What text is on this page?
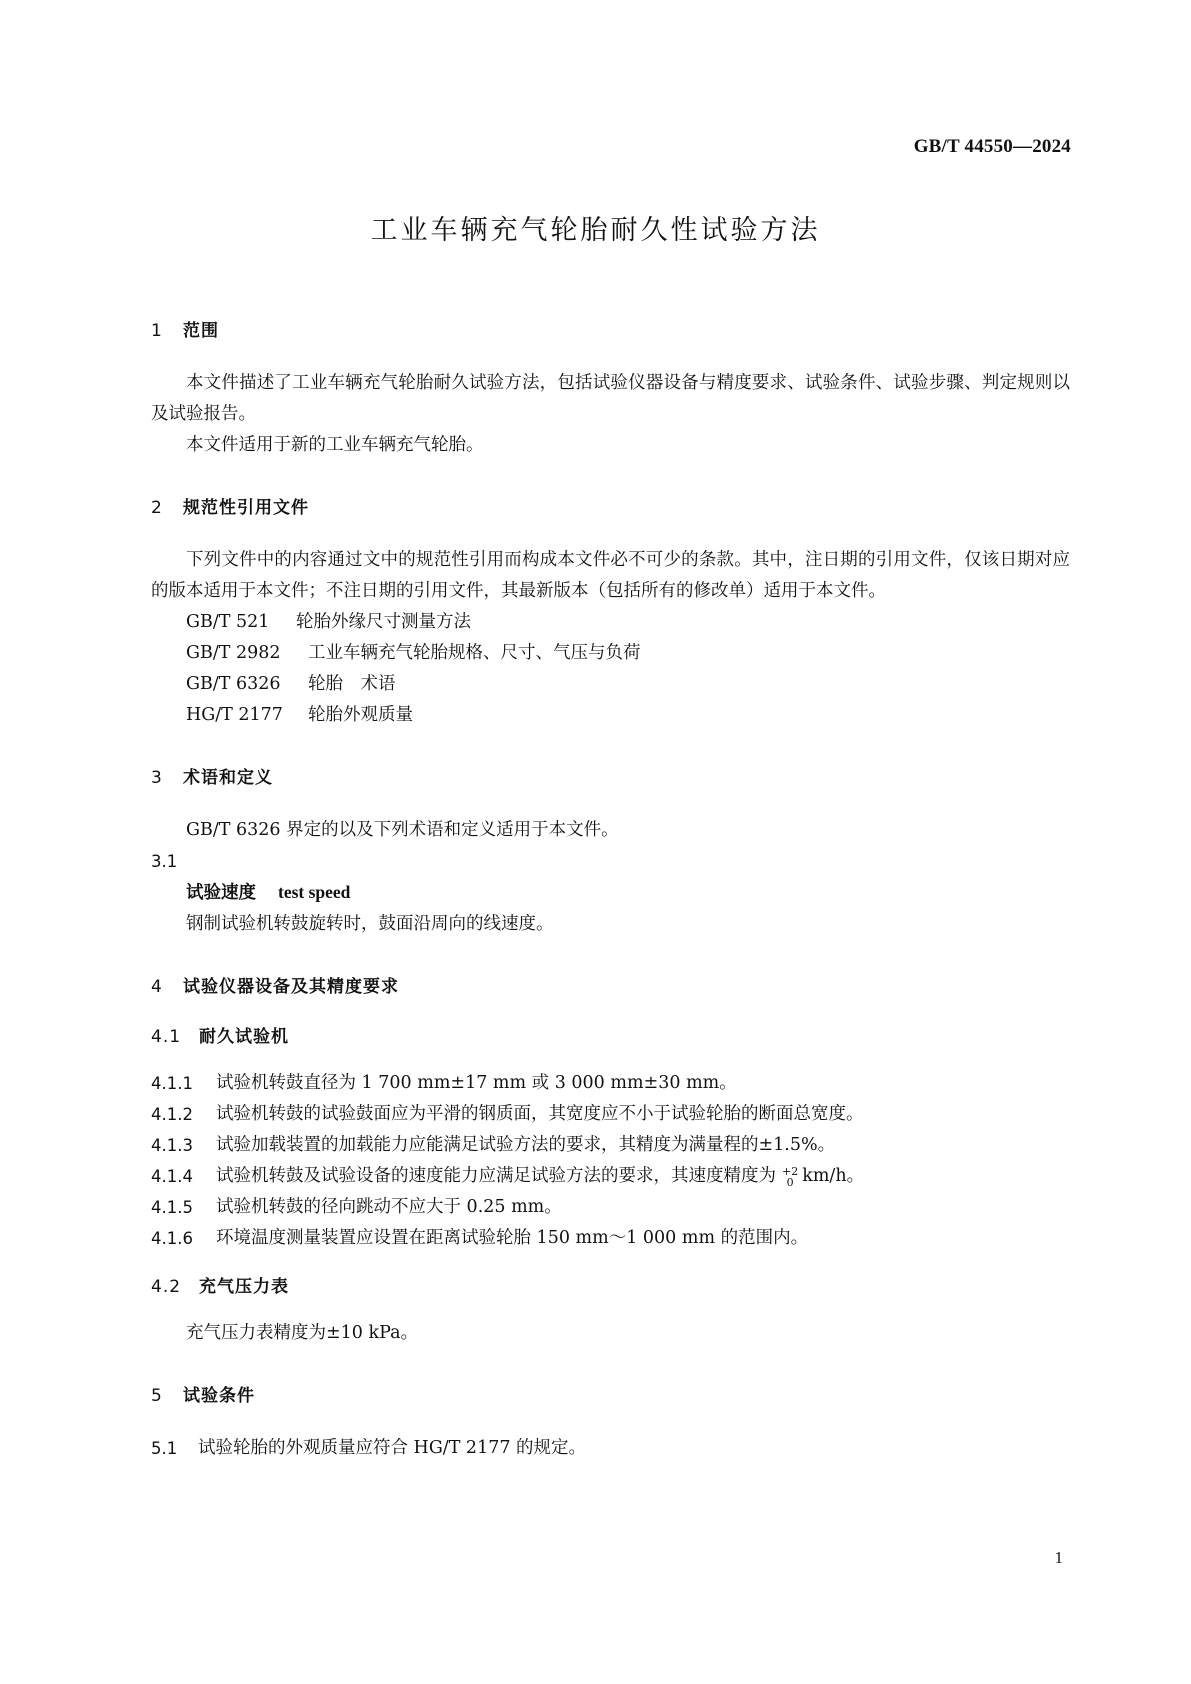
GB/T 44550—2024
工业车辆充气轮胎耐久性试验方法
1 范围

本文件描述了工业车辆充气轮胎耐久试验方法，包括试验仪器设备与精度要求、试验条件、试验步骤、判定规则以及试验报告。

本文件适用于新的工业车辆充气轮胎。

2 规范性引用文件

下列文件中的内容通过文中的规范性引用而构成本文件必不可少的条款。其中，注日期的引用文件，仅该日期对应的版本适用于本文件；不注日期的引用文件，其最新版本（包括所有的修改单）适用于本文件。

GB/T 521 轮胎外缘尺寸测量方法

GB/T 2982 工业车辆充气轮胎规格、尺寸、气压与负荷

GB/T 6326 轮胎　术语

HG/T 2177 轮胎外观质量

3 术语和定义

GB/T 6326 界定的以及下列术语和定义适用于本文件。

3.1

试验速度 test speed

钢制试验机转鼓旋转时，鼓面沿周向的线速度。

4 试验仪器设备及其精度要求
4.1 耐久试验机

4.1.1	试验机转鼓直径为 1 700 mm±17 mm 或 3 000 mm±30 mm。

4.1.2	试验机转鼓的试验鼓面应为平滑的钢质面，其宽度应不小于试验轮胎的断面总宽度。

4.1.3	试验加载装置的加载能力应能满足试验方法的要求，其精度为满量程的±1.5%。

4.1.4	试验机转鼓及试验设备的速度能力应满足试验方法的要求，其速度精度为 +2
0 km/h。

4.1.5	试验机转鼓的径向跳动不应大于 0.25 mm。

4.1.6	环境温度测量装置应设置在距离试验轮胎 150 mm～1 000 mm 的范围内。

4.2 充气压力表

充气压力表精度为±10 kPa。

5 试验条件

5.1	试验轮胎的外观质量应符合 HG/T 2177 的规定。

1
